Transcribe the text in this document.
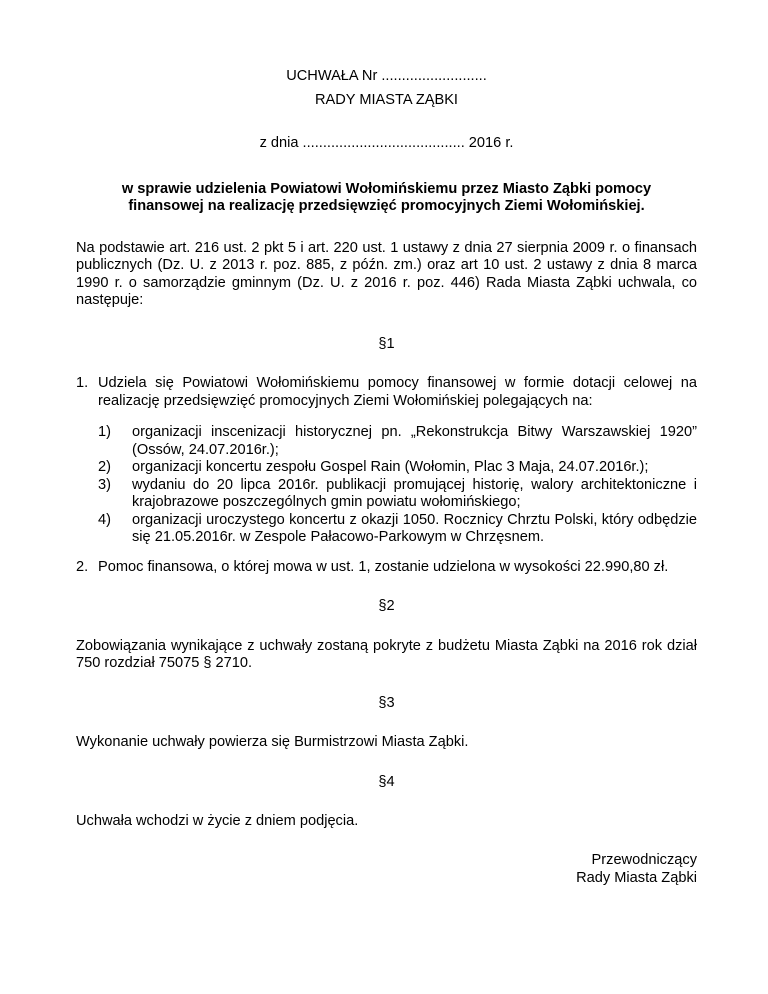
UCHWAŁA Nr ..........................
RADY MIASTA ZĄBKI
z dnia ........................................ 2016 r.
w sprawie udzielenia Powiatowi Wołomińskiemu przez Miasto Ząbki pomocy
finansowej na realizację przedsięwzięć promocyjnych Ziemi Wołomińskiej.
Na podstawie art. 216 ust. 2 pkt 5 i art. 220 ust. 1 ustawy z dnia 27 sierpnia 2009 r. o finansach publicznych (Dz. U. z 2013 r. poz. 885, z późn. zm.) oraz art 10 ust. 2 ustawy z dnia 8 marca 1990 r. o samorządzie gminnym (Dz. U. z 2016 r. poz. 446) Rada Miasta Ząbki uchwala, co następuje:
§1
1. Udziela się Powiatowi Wołomińskiemu pomocy finansowej w formie dotacji celowej na realizację przedsięwzięć promocyjnych Ziemi Wołomińskiej polegających na:
1) organizacji inscenizacji historycznej pn. „Rekonstrukcja Bitwy Warszawskiej 1920” (Ossów, 24.07.2016r.);
2) organizacji koncertu zespołu Gospel Rain (Wołomin, Plac 3 Maja, 24.07.2016r.);
3) wydaniu do 20 lipca 2016r. publikacji promującej historię, walory architektoniczne i krajobrazowe poszczególnych gmin powiatu wołomińskiego;
4) organizacji uroczystego koncertu z okazji 1050. Rocznicy Chrztu Polski, który odbędzie się 21.05.2016r. w Zespole Pałacowo-Parkowym w Chrzęsnem.
2. Pomoc finansowa, o której mowa w ust. 1, zostanie udzielona w wysokości 22.990,80 zł.
§2
Zobowiązania wynikające z uchwały zostaną pokryte z budżetu Miasta Ząbki na 2016 rok dział 750 rozdział 75075 § 2710.
§3
Wykonanie uchwały powierza się Burmistrzowi Miasta Ząbki.
§4
Uchwała wchodzi w życie z dniem podjęcia.
Przewodniczący
Rady Miasta Ząbki
